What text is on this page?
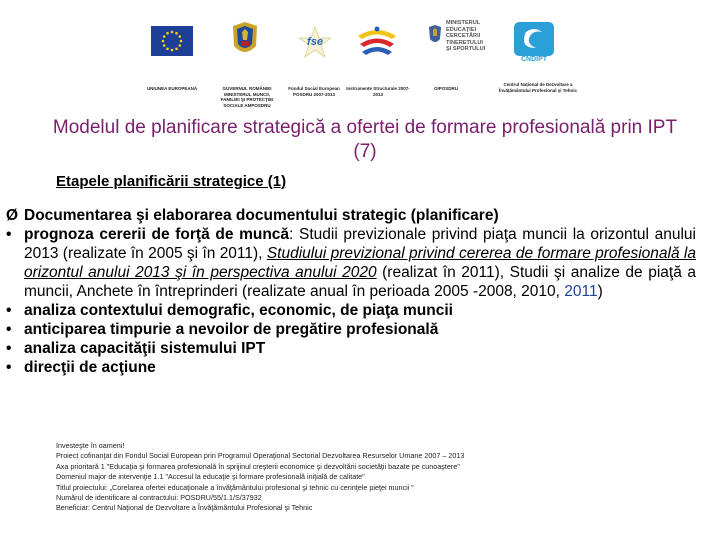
UNIUNEA EUROPEANĂ	GUVERNUL ROMÂNIEI MINISTERUL MUNCII, FAMILIEI ŞI PROTECŢIEI SOCIALE AMPOSDRU
fse
Fondul Social European POSDRU 2007-2013
Instrumente Structurale 2007-2013
MINISTERUL
EDUCAŢIEI
CERCETĂRII
TINERETULUI
ŞI SPORTULUI
OIPOSDRU
CNDIPT
Centrul Naţional de Dezvoltare a Învăţământului Profesional şi Tehnic
Modelul de planificare strategică a ofertei de formare profesională prin IPT (7)
Etapele planificării strategice (1)
Ø Documentarea şi elaborarea documentului strategic (planificare)
• prognoza cererii de forţă de muncă: Studii previzionale privind piaţa muncii la orizontul anului 2013 (realizate în 2005 şi în 2011), Studiului previzional privind cererea de formare profesională la orizontul anului 2013 şi în perspectiva anului 2020 (realizat în 2011), Studii şi analize de piaţă a muncii, Anchete în întreprinderi (realizate anual în perioada 2005 -2008, 2010, 2011)
• analiza contextului demografic, economic, de piaţa muncii
• anticiparea timpurie a nevoilor de pregătire profesională
• analiza capacităţii sistemului IPT
• direcţii de acţiune
Investeşte în oameni!
Proiect cofinanţat din Fondul Social European prin Programul Operaţional Sectorial Dezvoltarea Resurselor Umane 2007 – 2013
Axa prioritară 1 "Educaţia şi formarea profesională în sprijinul creşterii economice şi dezvoltării societăţii bazate pe cunoaştere"
Domeniul major de intervenţie 1.1 "Accesul la educaţie şi formare profesională iniţială de calitate"
Titlul proiectului: „Corelarea ofertei educaţionale a învăţământului profesional şi tehnic cu cerinţele pieţei muncii ”
Numărul de identificare al contractului: POSDRU/55/1.1/S/37932
Beneficiar: Centrul Naţional de Dezvoltare a Învăţământului Profesional şi Tehnic
